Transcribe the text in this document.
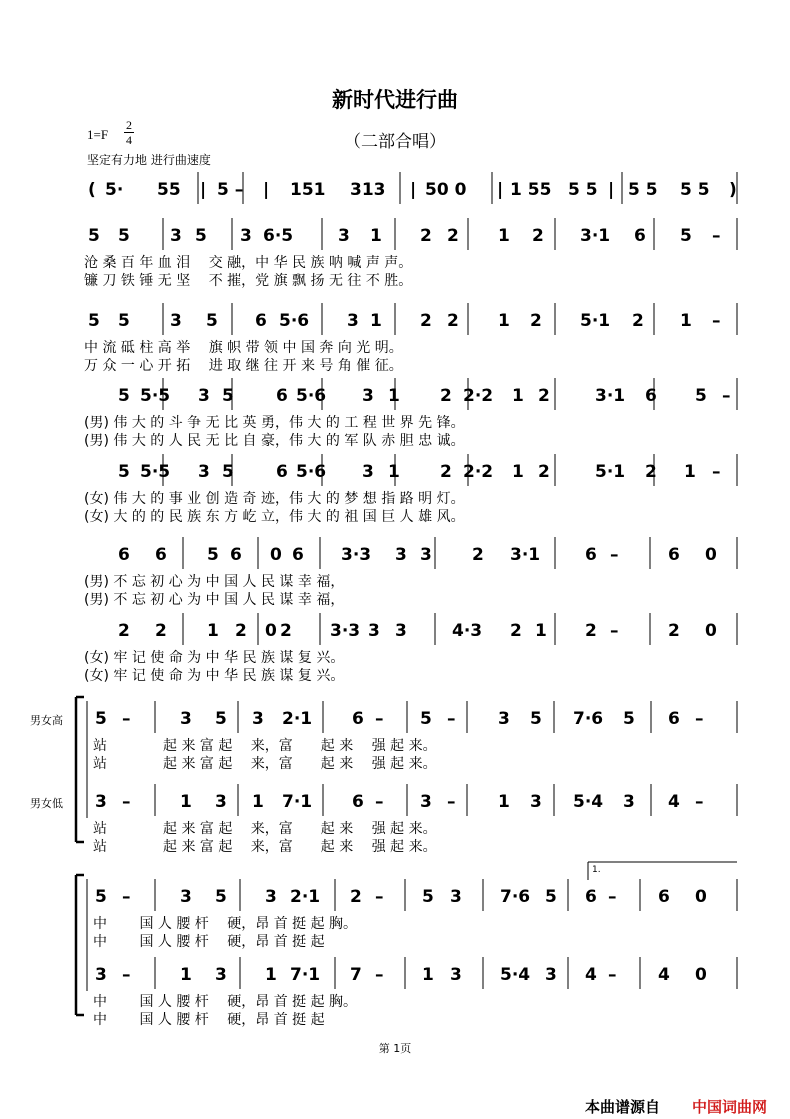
新时代进行曲
（二部合唱）
1=F
2
4
坚定有力地 进行曲速度
( 5· 55 | 5 – | 151 313 | 50 0 | 1 55 5 5 | 5 5 5 5 )
5 5 3 5 3 6·5	3 1 2 2 1 2 3·1 6 5 –
沧 桑 百 年 血 泪　 交 融，中 华 民 族 呐 喊 声 声。
镰 刀 铁 锤 无 坚　 不 摧，党 旗 飘 扬 无 往 不 胜。
5 5 3 5 6 5·6 3 1 2 2 1 2 5·1 2 1 –
中 流 砥 柱 高 举　 旗 帜 带 领 中 国 奔 向 光 明。
万 众 一 心 开 拓　 进 取 继 往 开 来 号 角 催 征。
5 5·5 3 5 6 5·6 3 1 2 2·2 1 2	3·1 6 5 –
(男) 伟 大 的 斗 争 无 比 英 勇，伟 大 的 工 程 世 界 先 锋。
(男) 伟 大 的 人 民 无 比 自 豪，伟 大 的 军 队 赤 胆 忠 诚。
5 5·5 3 5 6 5·6 3 1 2 2·2 1 2	5·1 2 1 –
(女) 伟 大 的 事 业 创 造 奇 迹，伟 大 的 梦 想 指 路 明 灯。
(女) 大 的 的 民 族 东 方 屹 立，伟 大 的 祖 国 巨 人 雄 风。
6 6 5 6 0 6 3·3 3 3 2 3·1	6 –	6 0
2 2 1 2 0 2 3·3 3 3	4·3 2 1 2 –	2 0
(男) 不 忘 初 心 为 中 国 人 民 谋 幸 福，
(男) 不 忘 初 心 为 中 国 人 民 谋 幸 福，
(女) 牢 记 使 命 为 中 华 民 族 谋 复 兴。
(女) 牢 记 使 命 为 中 华 民 族 谋 复 兴。
5 –	3 5 3 2·1 6 – 5 –	3 5 7·6 5 6 –
3 –	1 3 1 7·1 6 – 3 –	1 3 5·4 3 4 –
站　　　　起 来 富 起　 来，富　　起 来　 强 起 来。
站　　　　起 来 富 起　 来，富　　起 来　 强 起 来。
站　　　　起 来 富 起　 来，富　　起 来　 强 起 来。
站　　　　起 来 富 起　 来，富　　起 来　 强 起 来。
5 –	3 5 3 2·1 2 – 5 3 7·6 5 6 – 6 0
3 –	1 3 1 7·1 7 – 1 3 5·4 3 4 – 4 0
中　　 国 人 腰 杆　 硬，昂 首 挺 起 胸。
中　　 国 人 腰 杆　 硬，昂 首 挺 起
中　　 国 人 腰 杆　 硬，昂 首 挺 起 胸。
中　　 国 人 腰 杆　 硬，昂 首 挺 起
1.
男女高
男女低
第 1页
本曲谱源自 中国词曲网
